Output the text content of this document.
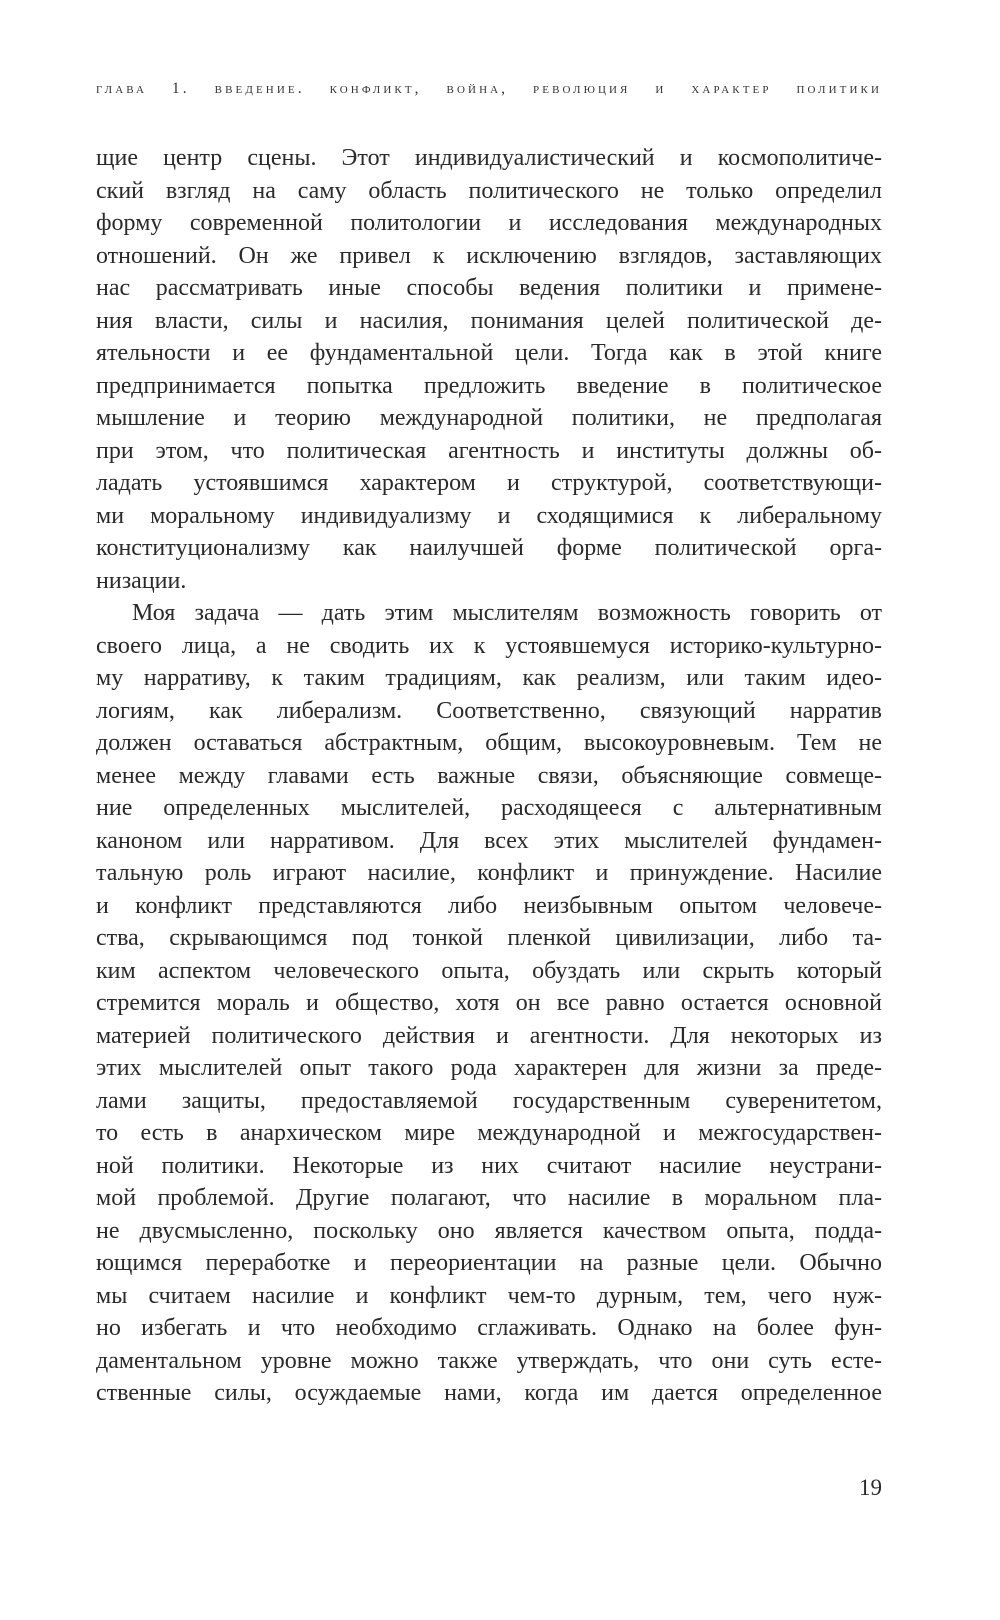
глава 1. введение. конфликт, война, революция и характер политики
щие центр сцены. Этот индивидуалистический и космополитиче-
ский взгляд на саму область политического не только определил
форму современной политологии и исследования международных
отношений. Он же привел к исключению взглядов, заставляющих
нас рассматривать иные способы ведения политики и примене-
ния власти, силы и насилия, понимания целей политической де-
ятельности и ее фундаментальной цели. Тогда как в этой книге
предпринимается попытка предложить введение в политическое
мышление и теорию международной политики, не предполагая
при этом, что политическая агентность и институты должны об-
ладать устоявшимся характером и структурой, соответствующи-
ми моральному индивидуализму и сходящимися к либеральному
конституционализму как наилучшей форме политической орга-
низации.
Моя задача — дать этим мыслителям возможность говорить от
своего лица, а не сводить их к устоявшемуся историко-культурно-
му нарративу, к таким традициям, как реализм, или таким идео-
логиям, как либерализм. Соответственно, связующий нарратив
должен оставаться абстрактным, общим, высокоуровневым. Тем не
менее между главами есть важные связи, объясняющие совмеще-
ние определенных мыслителей, расходящееся с альтернативным
каноном или нарративом. Для всех этих мыслителей фундамен-
тальную роль играют насилие, конфликт и принуждение. Насилие
и конфликт представляются либо неизбывным опытом человече-
ства, скрывающимся под тонкой пленкой цивилизации, либо та-
ким аспектом человеческого опыта, обуздать или скрыть который
стремится мораль и общество, хотя он все равно остается основной
материей политического действия и агентности. Для некоторых из
этих мыслителей опыт такого рода характерен для жизни за преде-
лами защиты, предоставляемой государственным суверенитетом,
то есть в анархическом мире международной и межгосударствен-
ной политики. Некоторые из них считают насилие неустрани-
мой проблемой. Другие полагают, что насилие в моральном пла-
не двусмысленно, поскольку оно является качеством опыта, подда-
ющимся переработке и переориентации на разные цели. Обычно
мы считаем насилие и конфликт чем-то дурным, тем, чего нуж-
но избегать и что необходимо сглаживать. Однако на более фун-
даментальном уровне можно также утверждать, что они суть есте-
ственные силы, осуждаемые нами, когда им дается определенное
19
